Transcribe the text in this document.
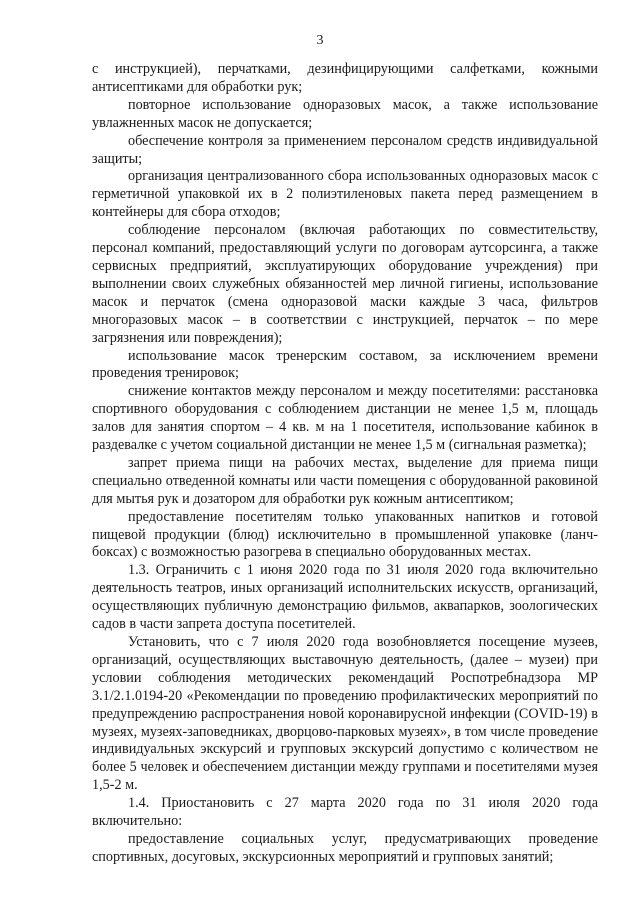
3

с инструкцией), перчатками, дезинфицирующими салфетками, кожными антисептиками для обработки рук;

повторное использование одноразовых масок, а также использование увлажненных масок не допускается;

обеспечение контроля за применением персоналом средств индивидуальной защиты;

организация централизованного сбора использованных одноразовых масок с герметичной упаковкой их в 2 полиэтиленовых пакета перед размещением в контейнеры для сбора отходов;

соблюдение персоналом (включая работающих по совместительству, персонал компаний, предоставляющий услуги по договорам аутсорсинга, а также сервисных предприятий, эксплуатирующих оборудование учреждения) при выполнении своих служебных обязанностей мер личной гигиены, использование масок и перчаток (смена одноразовой маски каждые 3 часа, фильтров многоразовых масок – в соответствии с инструкцией, перчаток – по мере загрязнения или повреждения);

использование масок тренерским составом, за исключением времени проведения тренировок;

снижение контактов между персоналом и между посетителями: расстановка спортивного оборудования с соблюдением дистанции не менее 1,5 м, площадь залов для занятия спортом – 4 кв. м на 1 посетителя, использование кабинок в раздевалке с учетом социальной дистанции не менее 1,5 м (сигнальная разметка);

запрет приема пищи на рабочих местах, выделение для приема пищи специально отведенной комнаты или части помещения с оборудованной раковиной для мытья рук и дозатором для обработки рук кожным антисептиком;

предоставление посетителям только упакованных напитков и готовой пищевой продукции (блюд) исключительно в промышленной упаковке (ланч-боксах) с возможностью разогрева в специально оборудованных местах.

1.3. Ограничить с 1 июня 2020 года по 31 июля 2020 года включительно деятельность театров, иных организаций исполнительских искусств, организаций, осуществляющих публичную демонстрацию фильмов, аквапарков, зоологических садов в части запрета доступа посетителей.

Установить, что с 7 июля 2020 года возобновляется посещение музеев, организаций, осуществляющих выставочную деятельность, (далее – музеи) при условии соблюдения методических рекомендаций Роспотребнадзора МР 3.1/2.1.0194-20 «Рекомендации по проведению профилактических мероприятий по предупреждению распространения новой коронавирусной инфекции (COVID-19) в музеях, музеях-заповедниках, дворцово-парковых музеях», в том числе проведение индивидуальных экскурсий и групповых экскурсий допустимо с количеством не более 5 человек и обеспечением дистанции между группами и посетителями музея 1,5-2 м.

1.4. Приостановить с 27 марта 2020 года по 31 июля 2020 года включительно:

предоставление социальных услуг, предусматривающих проведение спортивных, досуговых, экскурсионных мероприятий и групповых занятий;
